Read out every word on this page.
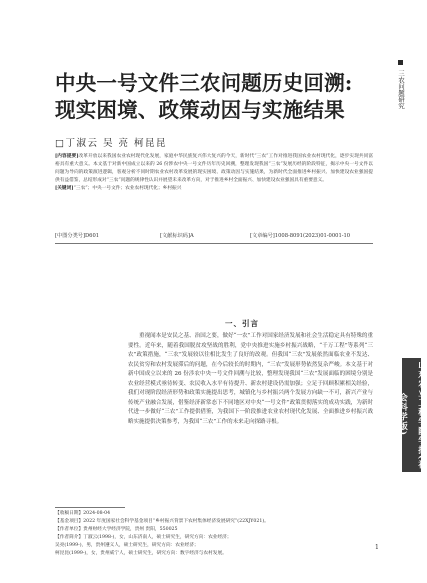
中央一号文件三农问题历史回溯:
现实困境、政策动因与实施结果
□丁淑云 吴 亮 柯昆昆

[内容提要]改革开放以来我国农业农村现代化发展，家庭中华民族复兴伟大复兴的今天，新时代“三农”工作对推进我国农业农村现代化，逐步实现共同富裕具有重大意义。本文基于对新中国成立以来的 26 份涉农中央一号文件历年历史回溯，整理发现我国“三农”发展历经的阶段特征，揭示中央一号文件以问题为导向的政策演进逻辑，客观分析不同时期农业农村改革发展的现实困境、政策动因与实施结果，为新时代全面推进乡村振兴、加快建设农业强国提供有益借鉴，总结形成对“三农”问题的规律性认识并展望未来改革方向，对于推进乡村全面振兴、加快建设农业强国具有重要意义。

[关键词]“三农”；中央一号文件；农业农村现代化；乡村振兴

[中图分类号]D601	[文献标识码]A	[文章编号]1008-8091(2023)01-0001-10
一、引言

重视闻本是安民之基、治国之要，做好“一农”工作对国家经济发展和社会生活稳定具有特殊的重要性。近年来，随着我国脱贫攻坚战的胜利，党中央推进实施乡村振兴战略，“千万工程”等系列“三农”政策措施，“三农”发展较以往相比发生了良好的改观。但我国“三农”发展依然面临农业不发达、农民贫穷和农村发展滞后的问题，在今后较长的时期内，“三农”发展形势依然复杂严峻。本文基于对新中国成立以来的 26 份涉农中央一号文件回溯与比较，整理发现我国“三农”发展面临的困境分别是农业经营模式亟待转变、农民收入水平有待提升、新农村建设仍需加强；立足于回顾积累相关经验，我们对现阶段经济形势和政策实施提出思考，城镇化与乡村振兴两个发展方向缺一不可，新兴产业与传统产业融合发展，借鉴经济新常态下不同地区对中央“一号文件”政策贯彻落实的成功实践，为新时代进一步做好“三农”工作提供借鉴，为我国下一阶段推进农业农村现代化发展、全面推进乡村振兴战略实施提供决策参考，为我国“三农”工作的未来走向探路寻根。

【收稿日期】2024-08-04
【基金项目】2022 年度国家社会科学基金项目“乡村振兴背景下农村集体经济发展研究”(22XJY021)。
【作者单位】贵州财经大学经济学院，贵州 贵阳，550025
【作者简介】丁淑云(1998-)，女，山东济南人，硕士研究生，研究方向：农业经济；
吴亮(1999-)，男，贵州遵义人，硕士研究生，研究方向：农业经济；
柯昆昆(1999-)，女，贵州威宁人，硕士研究生，研究方向：数字经济与农村发展。
1
三农问题研究
山东农业工程学院学报(社会科学版)
